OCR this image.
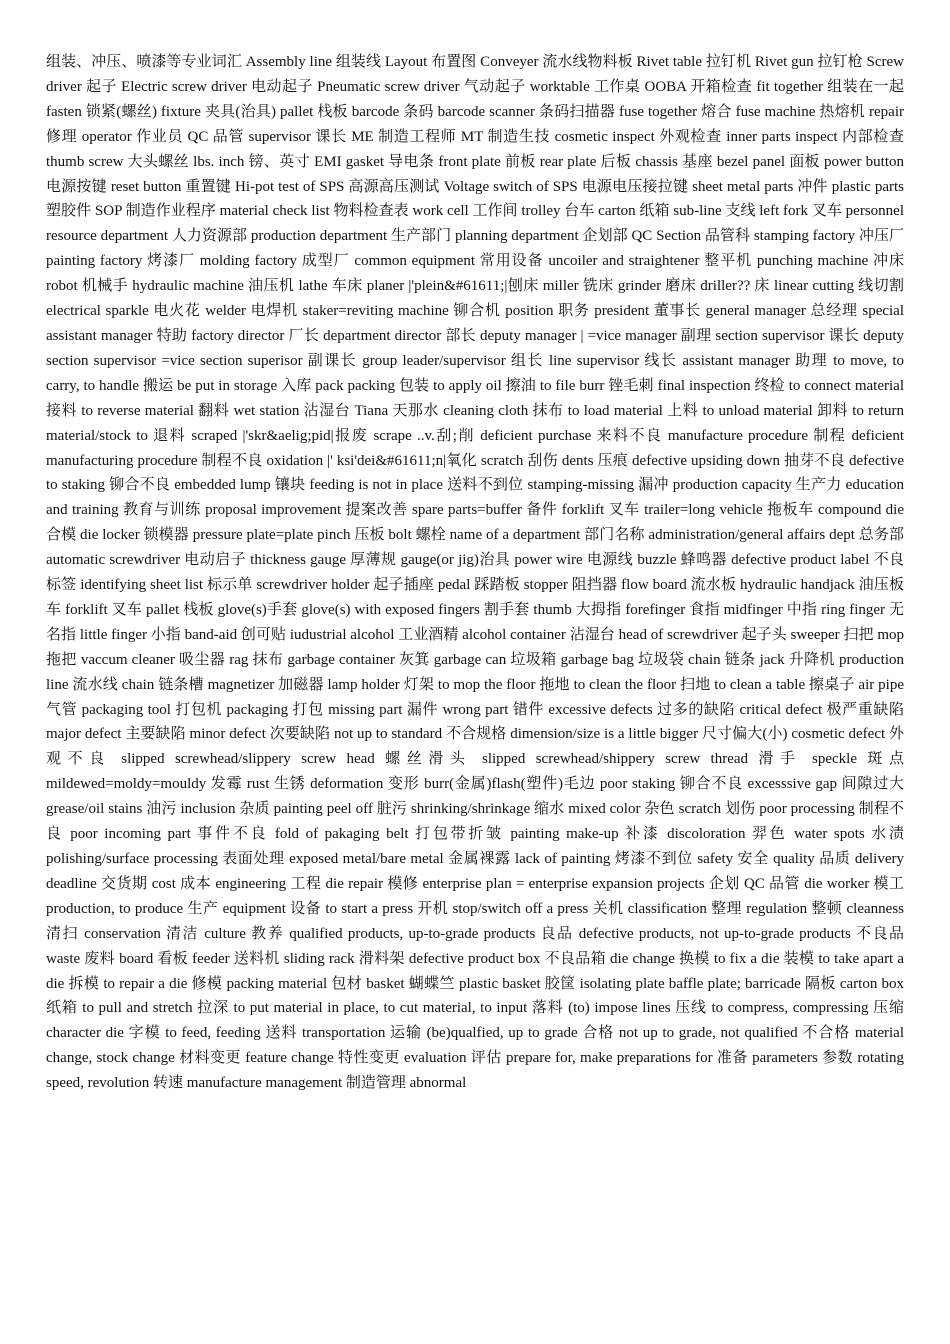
组装、冲压、喷漆等专业词汇 Assembly line 组装线 Layout 布置图 Conveyer 流水线物料板 Rivet table 拉钉机 Rivet gun 拉钉枪 Screw driver 起子 Electric screw driver 电动起子 Pneumatic screw driver 气动起子 worktable 工作桌 OOBA 开箱检查 fit together 组装在一起 fasten 锁紧(螺丝) fixture 夹具(治具) pallet 栈板 barcode 条码 barcode scanner 条码扫描器 fuse together 熔合 fuse machine 热熔机 repair 修理 operator 作业员 QC 品管 supervisor 课长 ME 制造工程师 MT 制造生技 cosmetic inspect 外观检查 inner parts inspect 内部检查 thumb screw 大头螺丝 lbs. inch 镑、英寸 EMI gasket 导电条 front plate 前板 rear plate 后板 chassis 基座 bezel panel 面板 power button 电源按键 reset button 重置键 Hi-pot test of SPS 高源高压测试 Voltage switch of SPS 电源电压接拉键 sheet metal parts 冲件 plastic parts 塑胶件 SOP 制造作业程序 material check list 物料检查表 work cell 工作间 trolley 台车 carton 纸箱 sub-line 支线 left fork 叉车 personnel resource department 人力资源部 production department 生产部门 planning department 企划部 QC Section 品管科 stamping factory 冲压厂 painting factory 烤漆厂 molding factory 成型厂 common equipment 常用设备 uncoiler and straightener 整平机 punching machine 冲床 robot 机械手 hydraulic machine 油压机 lathe 车床 planer |'plein&#61611;|刨床 miller 铣床 grinder 磨床 driller?? 床 linear cutting 线切割 electrical sparkle 电火花 welder 电焊机 staker=reviting machine 铆合机 position 职务 president 董事长 general manager 总经理 special assistant manager 特助 factory director 厂长 department director 部长 deputy manager | =vice manager 副理 section supervisor 课长 deputy section supervisor =vice section superisor 副课长 group leader/supervisor 组长 line supervisor 线长 assistant manager 助理 to move, to carry, to handle 搬运 be put in storage 入库 pack packing 包装 to apply oil 擦油 to file burr 锉毛刺 final inspection 终检 to connect material 接料 to reverse material 翻料 wet station 沾湿台 Tiana 天那水 cleaning cloth 抹布 to load material 上料 to unload material 卸料 to return material/stock to 退料 scraped |'skr&aelig;pid|报废 scrape ..v.刮;削 deficient purchase 来料不良 manufacture procedure 制程 deficient manufacturing procedure 制程不良 oxidation |' ksi'dei&#61611;n|氧化 scratch 刮伤 dents 压痕 defective upsiding down 抽芽不良 defective to staking 铆合不良 embedded lump 镶块 feeding is not in place 送料不到位 stamping-missing 漏冲 production capacity 生产力 education and training 教育与训练 proposal improvement 提案改善 spare parts=buffer 备件 forklift 叉车 trailer=long vehicle 拖板车 compound die 合模 die locker 锁模器 pressure plate=plate pinch 压板 bolt 螺栓 name of a department 部门名称 administration/general affairs dept 总务部 automatic screwdriver 电动启子 thickness gauge 厚薄规 gauge(or jig)治具 power wire 电源线 buzzle 蜂鸣器 defective product label 不良标签 identifying sheet list 标示单 screwdriver holder 起子插座 pedal 踩踏板 stopper 阻挡器 flow board 流水板 hydraulic handjack 油压板车 forklift 叉车 pallet 栈板 glove(s)手套 glove(s) with exposed fingers 割手套 thumb 大拇指 forefinger 食指 midfinger 中指 ring finger 无名指 little finger 小指 band-aid 创可贴 iudustrial alcohol 工业酒精 alcohol container 沾湿台 head of screwdriver 起子头 sweeper 扫把 mop 拖把 vaccum cleaner 吸尘器 rag 抹布 garbage container 灰箕 garbage can 垃圾箱 garbage bag 垃圾袋 chain 链条 jack 升降机 production line 流水线 chain 链条槽 magnetizer 加磁器 lamp holder 灯架 to mop the floor 拖地 to clean the floor 扫地 to clean a table 擦桌子 air pipe 气管 packaging tool 打包机 packaging 打包 missing part 漏件 wrong part 错件 excessive defects 过多的缺陷 critical defect 极严重缺陷 major defect 主要缺陷 minor defect 次要缺陷 not up to standard 不合规格 dimension/size is a little bigger 尺寸偏大(小) cosmetic defect 外观不良 slipped screwhead/slippery screw head 螺丝滑头 slipped screwhead/shippery screw thread 滑手 speckle 斑点 mildewed=moldy=mouldy 发霉 rust 生锈 deformation 变形 burr(金属)flash(塑件)毛边 poor staking 铆合不良 excesssive gap 间隙过大 grease/oil stains 油污 inclusion 杂质 painting peel off 脏污 shrinking/shrinkage 缩水 mixed color 杂色 scratch 划伤 poor processing 制程不良 poor incoming part 事件不良 fold of pakaging belt 打包带折皱 painting make-up 补漆 discoloration 羿色 water spots 水渍 polishing/surface processing 表面处理 exposed metal/bare metal 金属裸露 lack of painting 烤漆不到位 safety 安全 quality 品质 delivery deadline 交货期 cost 成本 engineering 工程 die repair 模修 enterprise plan = enterprise expansion projects 企划 QC 品管 die worker 模工 production, to produce 生产 equipment 设备 to start a press 开机 stop/switch off a press 关机 classification 整理 regulation 整顿 cleanness 清扫 conservation 清洁 culture 教养 qualified products, up-to-grade products 良品 defective products, not up-to-grade products 不良品 waste 废料 board 看板 feeder 送料机 sliding rack 滑料架 defective product box 不良品箱 die change 换模 to fix a die 装模 to take apart a die 拆模 to repair a die 修模 packing material 包材 basket 蝴蝶竺 plastic basket 胶筐 isolating plate baffle plate; barricade 隔板 carton box 纸箱 to pull and stretch 拉深 to put material in place, to cut material, to input 落料 (to) impose lines 压线 to compress, compressing 压缩 character die 字模 to feed, feeding 送料 transportation 运输 (be)qualfied, up to grade 合格 not up to grade, not qualified 不合格 material change, stock change 材料变更 feature change 特性变更 evaluation 评估 prepare for, make preparations for 准备 parameters 参数 rotating speed, revolution 转速 manufacture management 制造管理 abnormal
